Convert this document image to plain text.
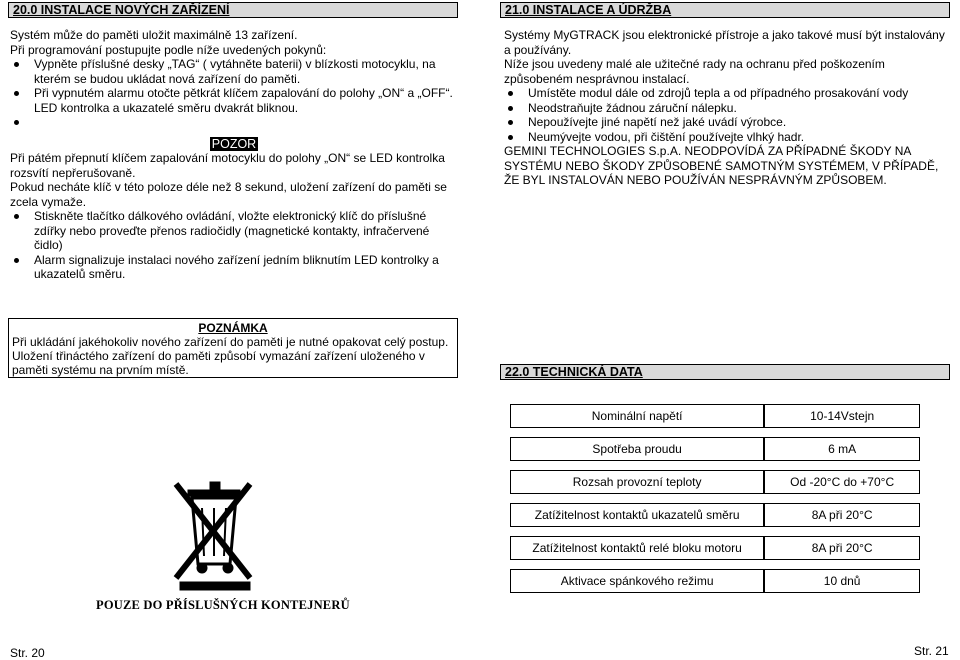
20.0 INSTALACE NOVÝCH ZAŘÍZENÍ
Systém může do paměti uložit maximálně 13 zařízení.
Při programování postupujte podle níže uvedených pokynů:
Vypněte příslušné desky „TAG“ ( vytáhněte baterii) v blízkosti motocyklu, na kterém se budou ukládat nová zařízení do paměti.
Při vypnutém alarmu otočte pětkrát klíčem zapalování do polohy „ON“ a „OFF“. LED kontrolka a ukazatelé směru dvakrát bliknou.
POZOR
Při pátém přepnutí klíčem zapalování motocyklu do polohy „ON“ se LED kontrolka rozsvítí nepřerušovaně.
Pokud necháte klíč v této poloze déle než 8 sekund, uložení zařízení do paměti se zcela vymaže.
Stiskněte tlačítko dálkového ovládání, vložte elektronický klíč do příslušné zdířky nebo proveďte přenos radiočidly (magnetické kontakty, infračervené čidlo)
Alarm signalizuje instalaci nového zařízení jedním bliknutím LED kontrolky a ukazatelů směru.
POZNÁMKA
Při ukládání jakéhokoliv nového zařízení do paměti je nutné opakovat celý postup. Uložení třináctého zařízení do paměti způsobí vymazání zařízení uloženého v paměti systému na prvním místě.
POUZE DO PŘÍSLUŠNÝCH KONTEJNERŮ
Str. 20
21.0 INSTALACE A ÚDRŽBA
Systémy MyGTRACK jsou elektronické přístroje a jako takové musí být instalovány a používány.
Níže jsou uvedeny malé ale užitečné rady na ochranu před poškozením způsobeném nesprávnou instalací.
Umístěte modul dále od zdrojů tepla a od případného prosakování vody
Neodstraňujte žádnou záruční nálepku.
Nepoužívejte jiné napětí než jaké uvádí výrobce.
Neumývejte vodou, při čištění používejte vlhký hadr.
GEMINI TECHNOLOGIES S.p.A. NEODPOVÍDÁ ZA PŘÍPADNÉ ŠKODY NA SYSTÉMU NEBO ŠKODY ZPŮSOBENÉ SAMOTNÝM SYSTÉMEM, V PŘÍPADĚ, ŽE BYL INSTALOVÁN NEBO POUŽÍVÁN NESPRÁVNÝM ZPŮSOBEM.
22.0 TECHNICKÁ DATA
Nominální napětí	10-14Vstejn

Spotřeba proudu	6 mA

Rozsah provozní teploty	Od -20°C do +70°C

Zatížitelnost kontaktů ukazatelů směru	8A při 20°C

Zatížitelnost kontaktů relé bloku motoru	8A při 20°C

Aktivace spánkového režimu	10 dnů
Str. 21
